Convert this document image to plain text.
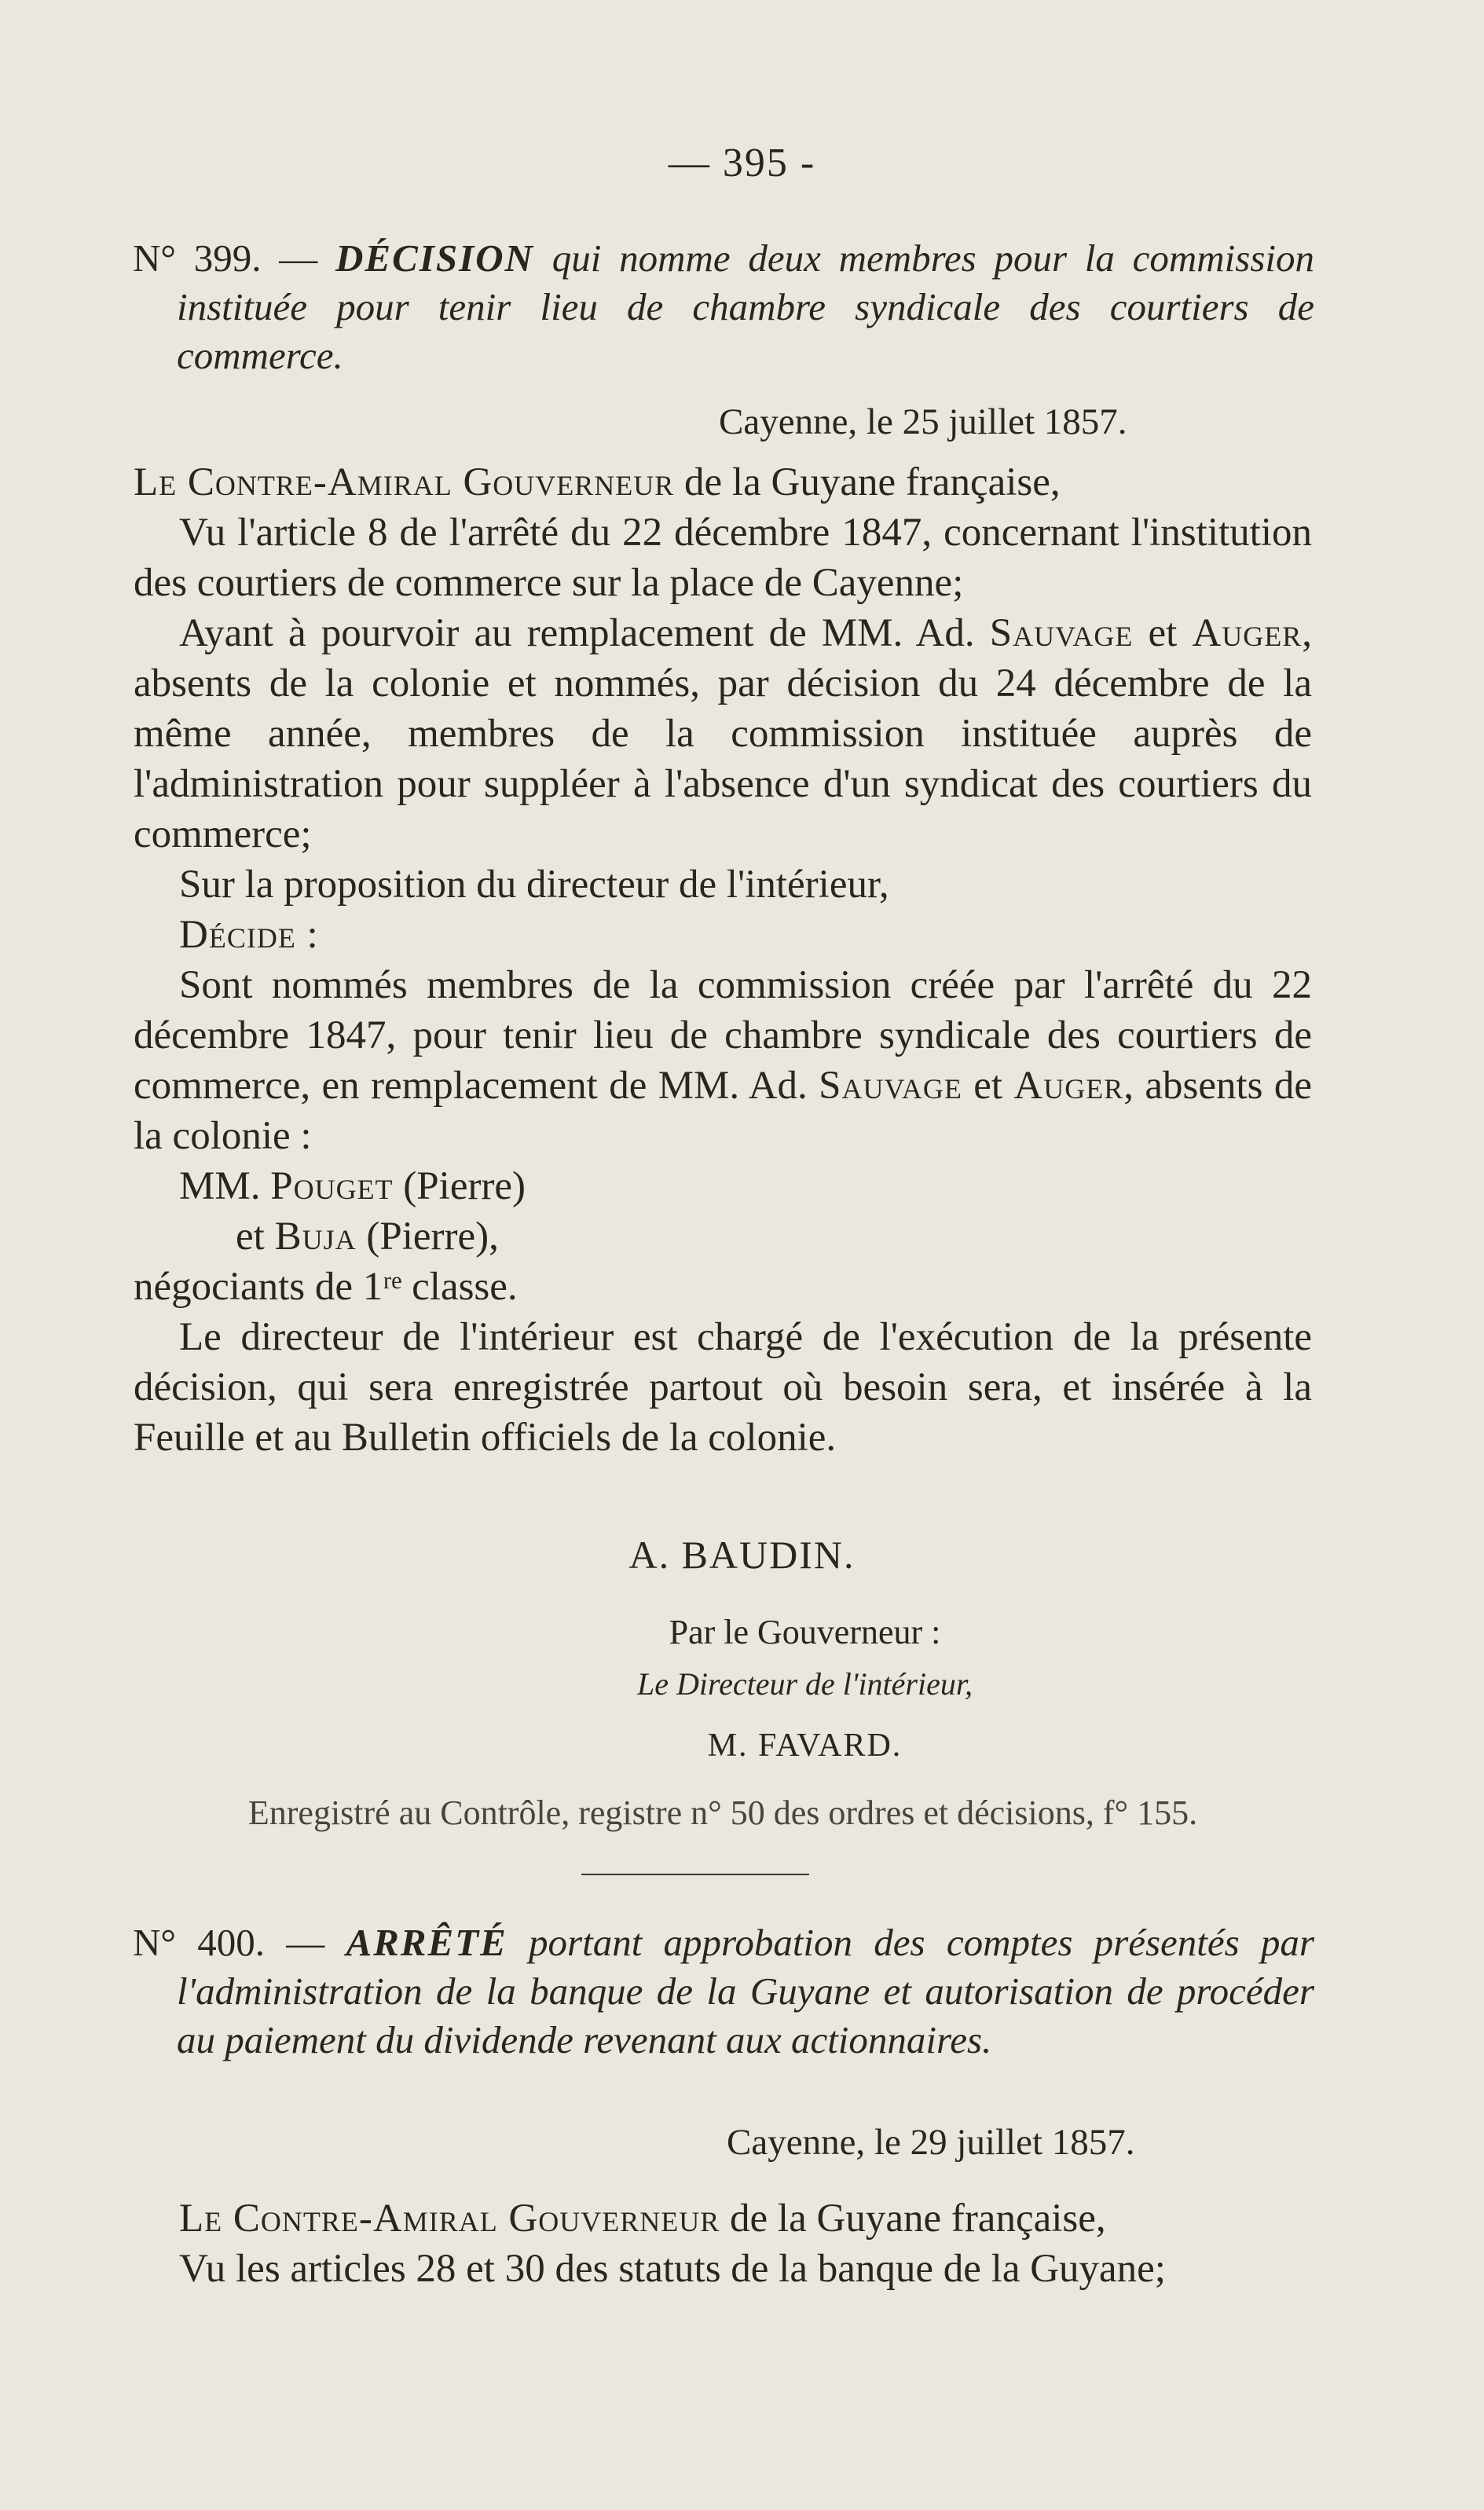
— 395 -
N° 399. — DÉCISION qui nomme deux membres pour la commission instituée pour tenir lieu de chambre syndicale des courtiers de commerce.
Cayenne, le 25 juillet 1857.

Le Contre-Amiral Gouverneur de la Guyane française,

Vu l'article 8 de l'arrêté du 22 décembre 1847, concernant l'institution des courtiers de commerce sur la place de Cayenne;

Ayant à pourvoir au remplacement de MM. Ad. Sauvage et Auger, absents de la colonie et nommés, par décision du 24 décembre de la même année, membres de la commission instituée auprès de l'administration pour suppléer à l'absence d'un syndicat des courtiers du commerce;

Sur la proposition du directeur de l'intérieur,

Décide :

Sont nommés membres de la commission créée par l'arrêté du 22 décembre 1847, pour tenir lieu de chambre syndicale des courtiers de commerce, en remplacement de MM. Ad. Sauvage et Auger, absents de la colonie :

MM. Pouget (Pierre)

et Buja (Pierre),

négociants de 1ʳᵉ classe.

Le directeur de l'intérieur est chargé de l'exécution de la présente décision, qui sera enregistrée partout où besoin sera, et insérée à la Feuille et au Bulletin officiels de la colonie.

A. BAUDIN.
Par le Gouverneur :
Le Directeur de l'intérieur,
M. FAVARD.
Enregistré au Contrôle, registre n° 50 des ordres et décisions, f° 155.
N° 400. — ARRÊTÉ portant approbation des comptes présentés par l'administration de la banque de la Guyane et autorisation de procéder au paiement du dividende revenant aux actionnaires.
Cayenne, le 29 juillet 1857.

Le Contre-Amiral Gouverneur de la Guyane française,

Vu les articles 28 et 30 des statuts de la banque de la Guyane;
